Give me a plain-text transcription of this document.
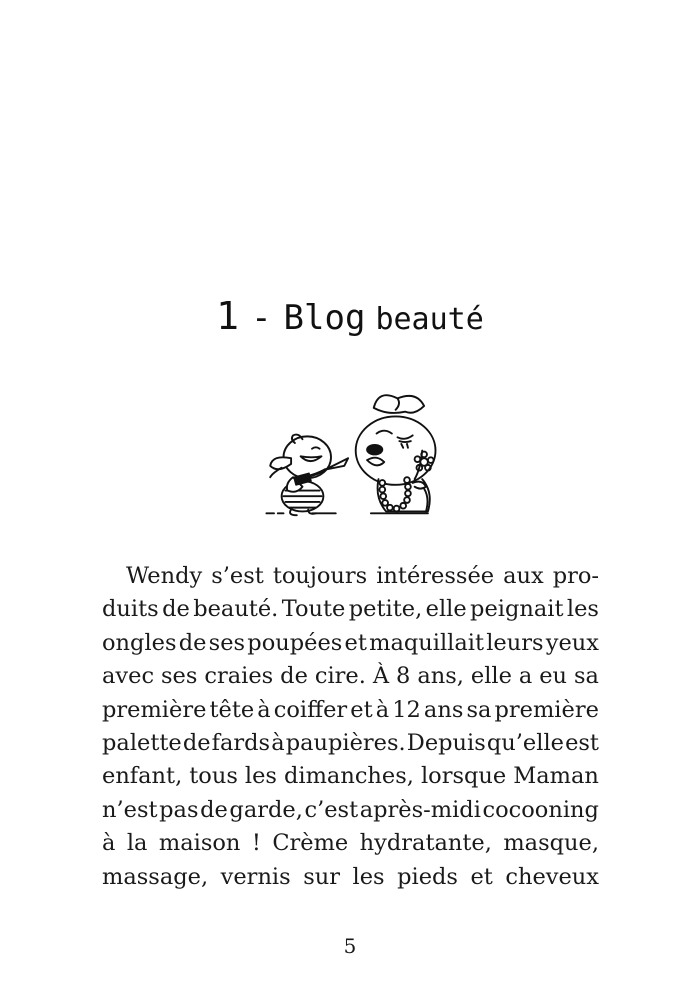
1 - Blog beauté
Wendy s’est toujours intéressée aux pro-
duits de beauté. Toute petite, elle peignait les
ongles de ses poupées et maquillait leurs yeux
avec ses craies de cire. À 8 ans, elle a eu sa
première tête à coiffer et à 12 ans sa première
palette de fards à paupières. Depuis qu’elle est
enfant, tous les dimanches, lorsque Maman
n’est pas de garde, c’est après-midi cocooning
à la maison ! Crème hydratante, masque,
massage, vernis sur les pieds et cheveux
5
